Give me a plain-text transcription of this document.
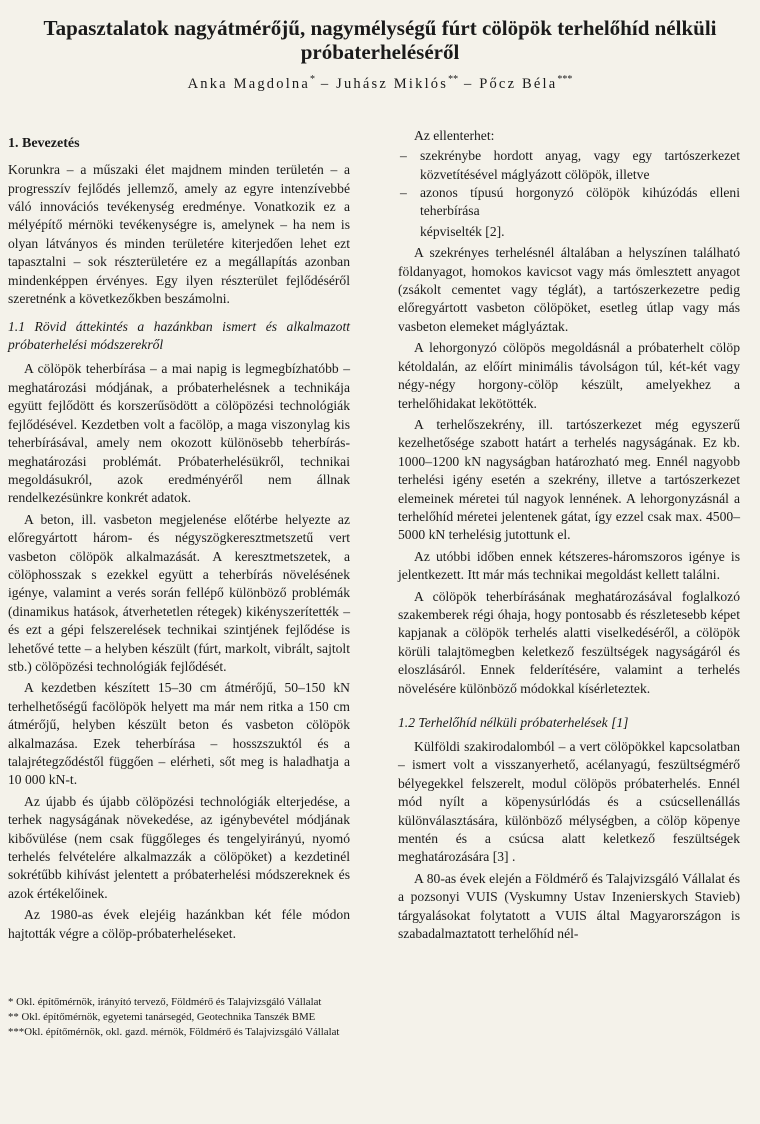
Tapasztalatok nagyátmérőjű, nagymélységű fúrt cölöpök terhelőhíd nélküli próbaterheléséről
Anka Magdolna* – Juhász Miklós** – Pőcz Béla***
1. Bevezetés

Korunkra – a műszaki élet majdnem minden területén – a progresszív fejlődés jellemző, amely az egyre intenzívebbé váló innovációs tevékenység eredménye. Vonatkozik ez a mélyépítő mérnöki tevékenységre is, amelynek – ha nem is olyan látványos és minden területére kiterjedően lehet ezt tapasztalni – sok részterületére ez a megállapítás azonban mindenképpen érvényes. Egy ilyen részterület fejlődéséről szeretnénk a következőkben beszámolni.

1.1 Rövid áttekintés a hazánkban ismert és alkalmazott próbaterhelési módszerekről

A cölöpök teherbírása – a mai napig is legmegbízhatóbb – meghatározási módjának, a próbaterhelésnek a technikája együtt fejlődött és korszerűsödött a cölöpözési technológiák fejlődésével. Kezdetben volt a facölöp, a maga viszonylag kis teherbírásával, amely nem okozott különösebb teherbírás-meghatározási problémát. Próbaterhelésükről, technikai megoldásukról, azok eredményéről nem állnak rendelkezésünkre konkrét adatok.

A beton, ill. vasbeton megjelenése előtérbe helyezte az előregyártott három- és négyszögkeresztmetszetű vert vasbeton cölöpök alkalmazását. A keresztmetszetek, a cölöphosszak s ezekkel együtt a teherbírás növelésének igénye, valamint a verés során fellépő különböző problémák (dinamikus hatások, átverhetetlen rétegek) kikényszerítették – és ezt a gépi felszerelések technikai szintjének fejlődése is lehetővé tette – a helyben készült (fúrt, markolt, vibrált, sajtolt stb.) cölöpözési technológiák fejlődését.

A kezdetben készített 15–30 cm átmérőjű, 50–150 kN terhelhetőségű facölöpök helyett ma már nem ritka a 150 cm átmérőjű, helyben készült beton és vasbeton cölöpök alkalmazása. Ezek teherbírása – hosszszuktól és a talajrétegződéstől függően – elérheti, sőt meg is haladhatja a 10 000 kN-t.

Az újabb és újabb cölöpözési technológiák elterjedése, a terhek nagyságának növekedése, az igénybevétel módjának kibővülése (nem csak függőleges és tengelyirányú, nyomó terhelés felvételére alkalmazzák a cölöpöket) a kezdetinél sokrétűbb kihívást jelentett a próbaterhelési módszereknek és azok értékelőinek.

Az 1980-as évek elejéig hazánkban két féle módon hajtották végre a cölöp-próbaterheléseket.

Az ellenterhet:

– szekrénybe hordott anyag, vagy egy tartószerkezet közvetítésével máglyázott cölöpök, illetve
– azonos típusú horgonyzó cölöpök kihúzódás elleni teherbírása

képviselték [2].

A szekrényes terhelésnél általában a helyszínen található földanyagot, homokos kavicsot vagy más ömlesztett anyagot (zsákolt cementet vagy téglát), a tartószerkezetre pedig előregyártott vasbeton cölöpöket, esetleg útlap vagy más vasbeton elemeket máglyáztak.

A lehorgonyzó cölöpös megoldásnál a próbaterhelt cölöp kétoldalán, az előírt minimális távolságon túl, két-két vagy négy-négy horgony-cölöp készült, amelyekhez a terhelőhidakat lekötötték.

A terhelőszekrény, ill. tartószerkezet még egyszerű kezelhetősége szabott határt a terhelés nagyságának. Ez kb. 1000–1200 kN nagyságban határozható meg. Ennél nagyobb terhelési igény esetén a szekrény, illetve a tartószerkezet elemeinek méretei túl nagyok lennének. A lehorgonyzásnál a terhelőhíd méretei jelentenek gátat, így ezzel csak max. 4500–5000 kN terhelésig jutottunk el.

Az utóbbi időben ennek kétszeres-háromszoros igénye is jelentkezett. Itt már más technikai megoldást kellett találni.

A cölöpök teherbírásának meghatározásával foglalkozó szakemberek régi óhaja, hogy pontosabb és részletesebb képet kapjanak a cölöpök terhelés alatti viselkedéséről, a cölöpök körüli talajtömegben keletkező feszültségek nagyságáról és eloszlásáról. Ennek felderítésére, valamint a terhelés növelésére különböző módokkal kísérleteztek.

1.2 Terhelőhíd nélküli próbaterhelések [1]

Külföldi szakirodalomból – a vert cölöpökkel kapcsolatban – ismert volt a visszanyerhető, acélanyagú, feszültségmérő bélyegekkel felszerelt, modul cölöpös próbaterhelés. Ennél mód nyílt a köpenysúrlódás és a csúcsellenállás különválasztására, különböző mélységben, a cölöp köpenye mentén és a csúcsa alatt keletkező feszültségek meghatározására [3] .

A 80-as évek elején a Földmérő és Talajvizsgáló Vállalat és a pozsonyi VUIS (Vyskumny Ustav Inzenierskych Stavieb) tárgyalásokat folytatott a VUIS által Magyarországon is szabadalmaztatott terhelőhíd nél-

* Okl. építőmérnök, irányító tervező, Földmérő és Talajvizsgáló Vállalat
** Okl. építőmérnök, egyetemi tanársegéd, Geotechnika Tanszék BME
***Okl. építőmérnök, okl. gazd. mérnök, Földmérő és Talajvizsgáló Vállalat
